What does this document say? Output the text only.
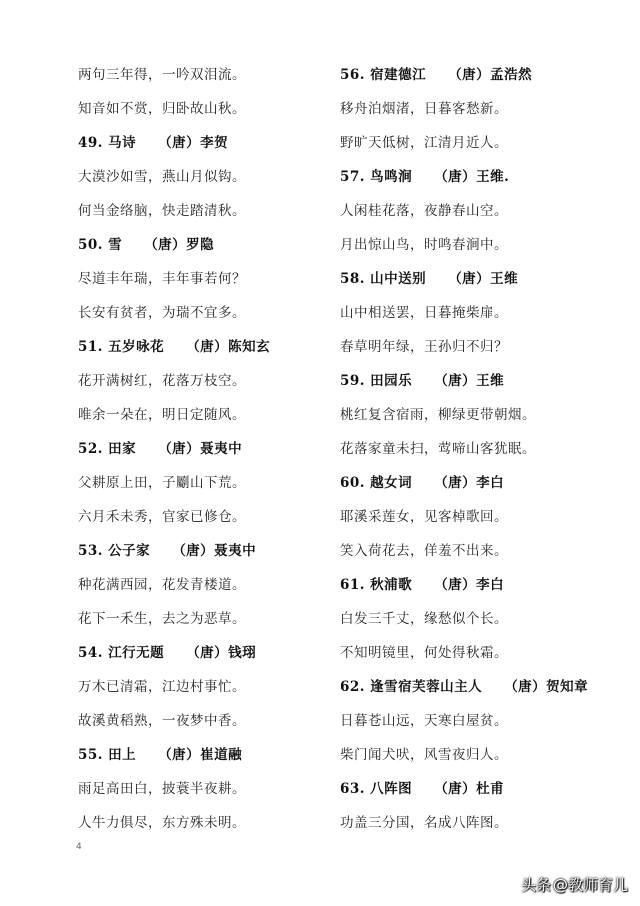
两句三年得，一吟双泪流。
知音如不赏，归卧故山秋。
49. 马诗 （唐）李贺
大漠沙如雪，燕山月似钩。
何当金络脑，快走踏清秋。
50. 雪 （唐）罗隐
尽道丰年瑞，丰年事若何？
长安有贫者，为瑞不宜多。
51. 五岁咏花 （唐）陈知玄
花开满树红，花落万枝空。
唯余一朵在，明日定随风。
52. 田家 （唐）聂夷中
父耕原上田，子劚山下荒。
六月禾未秀，官家已修仓。
53. 公子家 （唐）聂夷中
种花满西园，花发青楼道。
花下一禾生，去之为恶草。
54. 江行无题 （唐）钱珝
万木已清霜，江边村事忙。
故溪黄稻熟，一夜梦中香。
55. 田上 （唐）崔道融
雨足高田白，披蓑半夜耕。
人牛力俱尽，东方殊未明。
56. 宿建德江 （唐）孟浩然
移舟泊烟渚，日暮客愁新。
野旷天低树，江清月近人。
57. 鸟鸣涧 （唐）王维.
人闲桂花落，夜静春山空。
月出惊山鸟，时鸣春涧中。
58. 山中送别 （唐）王维
山中相送罢，日暮掩柴扉。
春草明年绿，王孙归不归？
59. 田园乐 （唐）王维
桃红复含宿雨，柳绿更带朝烟。
花落家童未扫，莺啼山客犹眠。
60. 越女词 （唐）李白
耶溪采莲女，见客棹歌回。
笑入荷花去，佯羞不出来。
61. 秋浦歌 （唐）李白
白发三千丈，缘愁似个长。
不知明镜里，何处得秋霜。
62. 逢雪宿芙蓉山主人 （唐）贺知章
日暮苍山远，天寒白屋贫。
柴门闻犬吠，风雪夜归人。
63. 八阵图 （唐）杜甫
功盖三分国，名成八阵图。
4
头条 @教师育儿
